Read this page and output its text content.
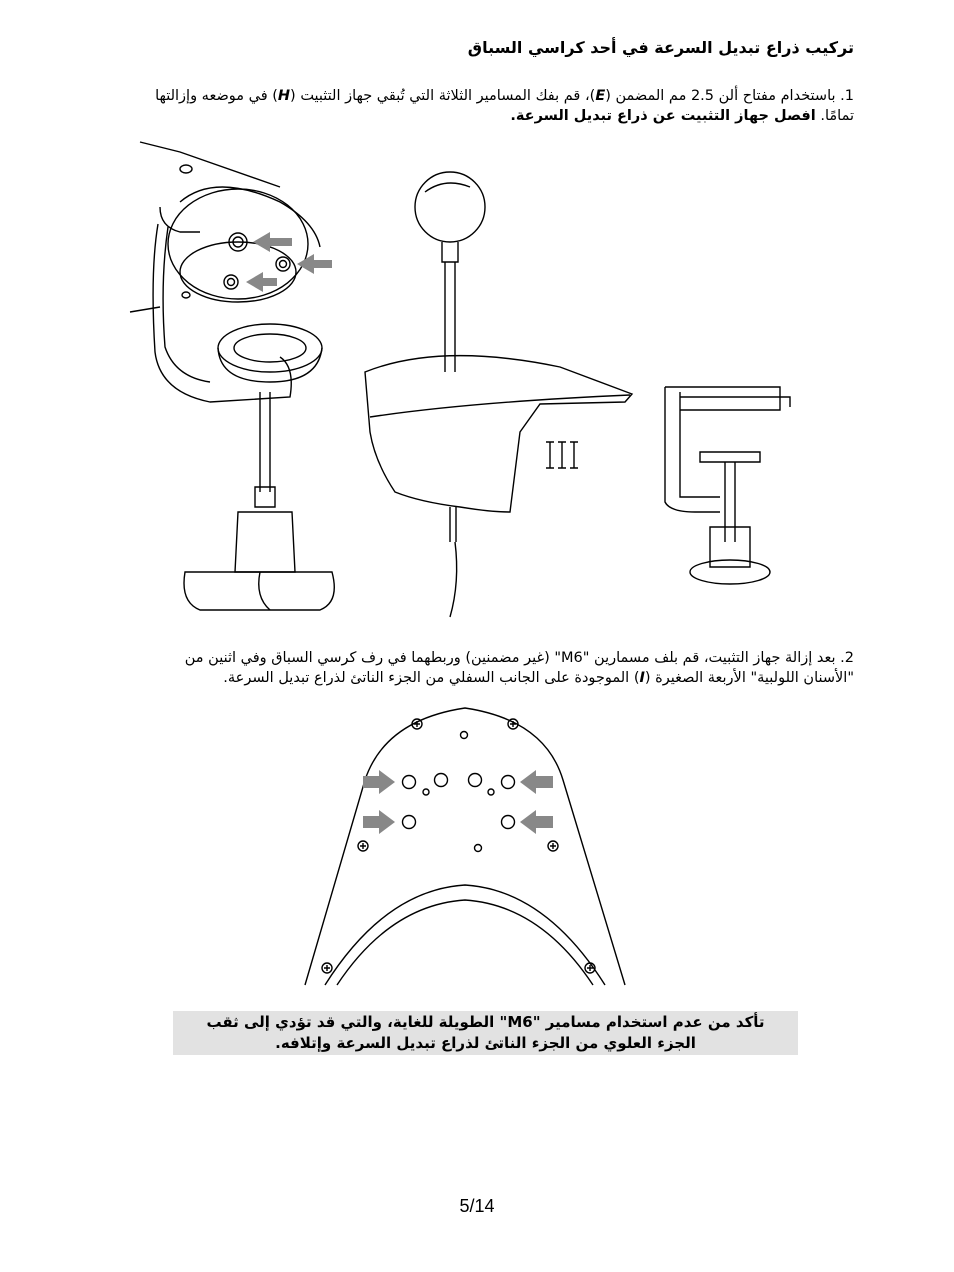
تركيب ذراع تبديل السرعة في أحد كراسي السباق
1. باستخدام مفتاح ألن 2.5 مم المضمن (E)، قم بفك المسامير الثلاثة التي تُبقي جهاز التثبيت (H) في موضعه وإزالتها تمامًا. افصل جهاز التثبيت عن ذراع تبديل السرعة.
2. بعد إزالة جهاز التثبيت، قم بلف مسمارين "M6" (غير مضمنين) وربطهما في رف كرسي السباق وفي اثنين من "الأسنان اللولبية" الأربعة الصغيرة (I) الموجودة على الجانب السفلي من الجزء الناتئ لذراع تبديل السرعة.
تأكد من عدم استخدام مسامير "M6" الطويلة للغاية، والتي قد تؤدي إلى ثقب
الجزء العلوي من الجزء الناتئ لذراع تبديل السرعة وإتلافه.
5/14
